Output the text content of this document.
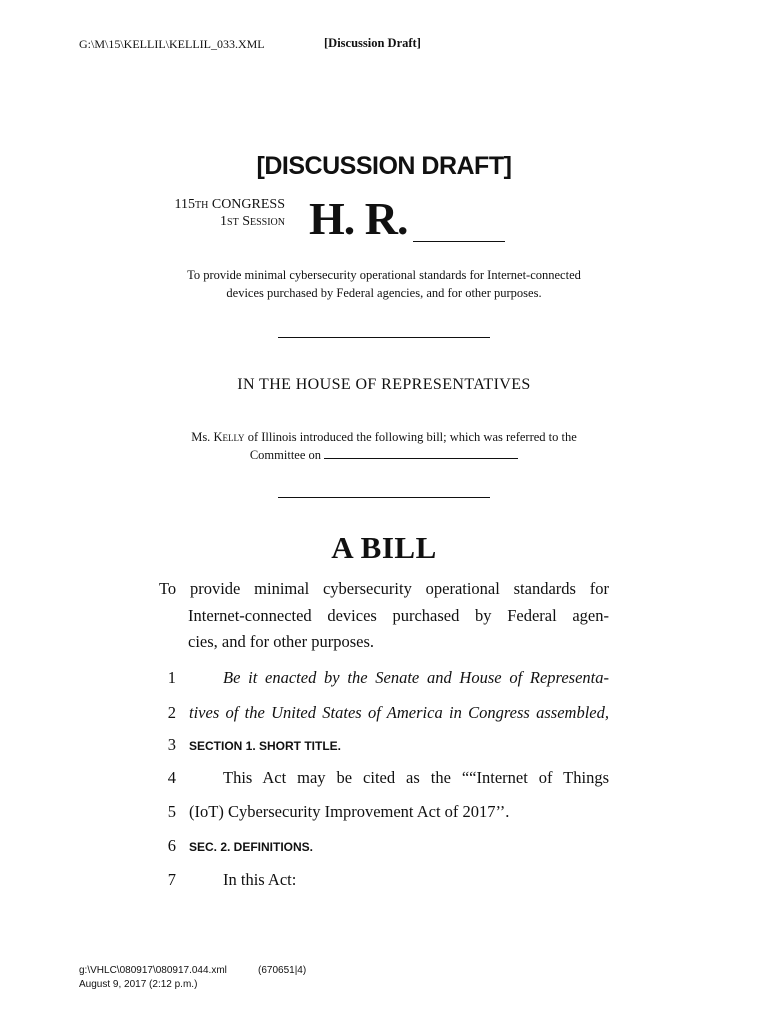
G:\M\15\KELLIL\KELLIL_033.XML	[Discussion Draft]
[DISCUSSION DRAFT]
115th CONGRESS
1st Session H. R.
To provide minimal cybersecurity operational standards for Internet-connected
devices purchased by Federal agencies, and for other purposes.
IN THE HOUSE OF REPRESENTATIVES
Ms. Kelly of Illinois introduced the following bill; which was referred to the
Committee on
A BILL
To provide minimal cybersecurity operational standards for
Internet-connected devices purchased by Federal agen-
cies, and for other purposes.
1	Be it enacted by the Senate and House of Representa-
2 tives of the United States of America in Congress assembled,
3 SECTION 1. SHORT TITLE.
4	This Act may be cited as the ““Internet of Things
5 (IoT) Cybersecurity Improvement Act of 2017’’.
6 SEC. 2. DEFINITIONS.
7	In this Act:
g:\VHLC\080917\080917.044.xml	(670651|4)
August 9, 2017 (2:12 p.m.)
